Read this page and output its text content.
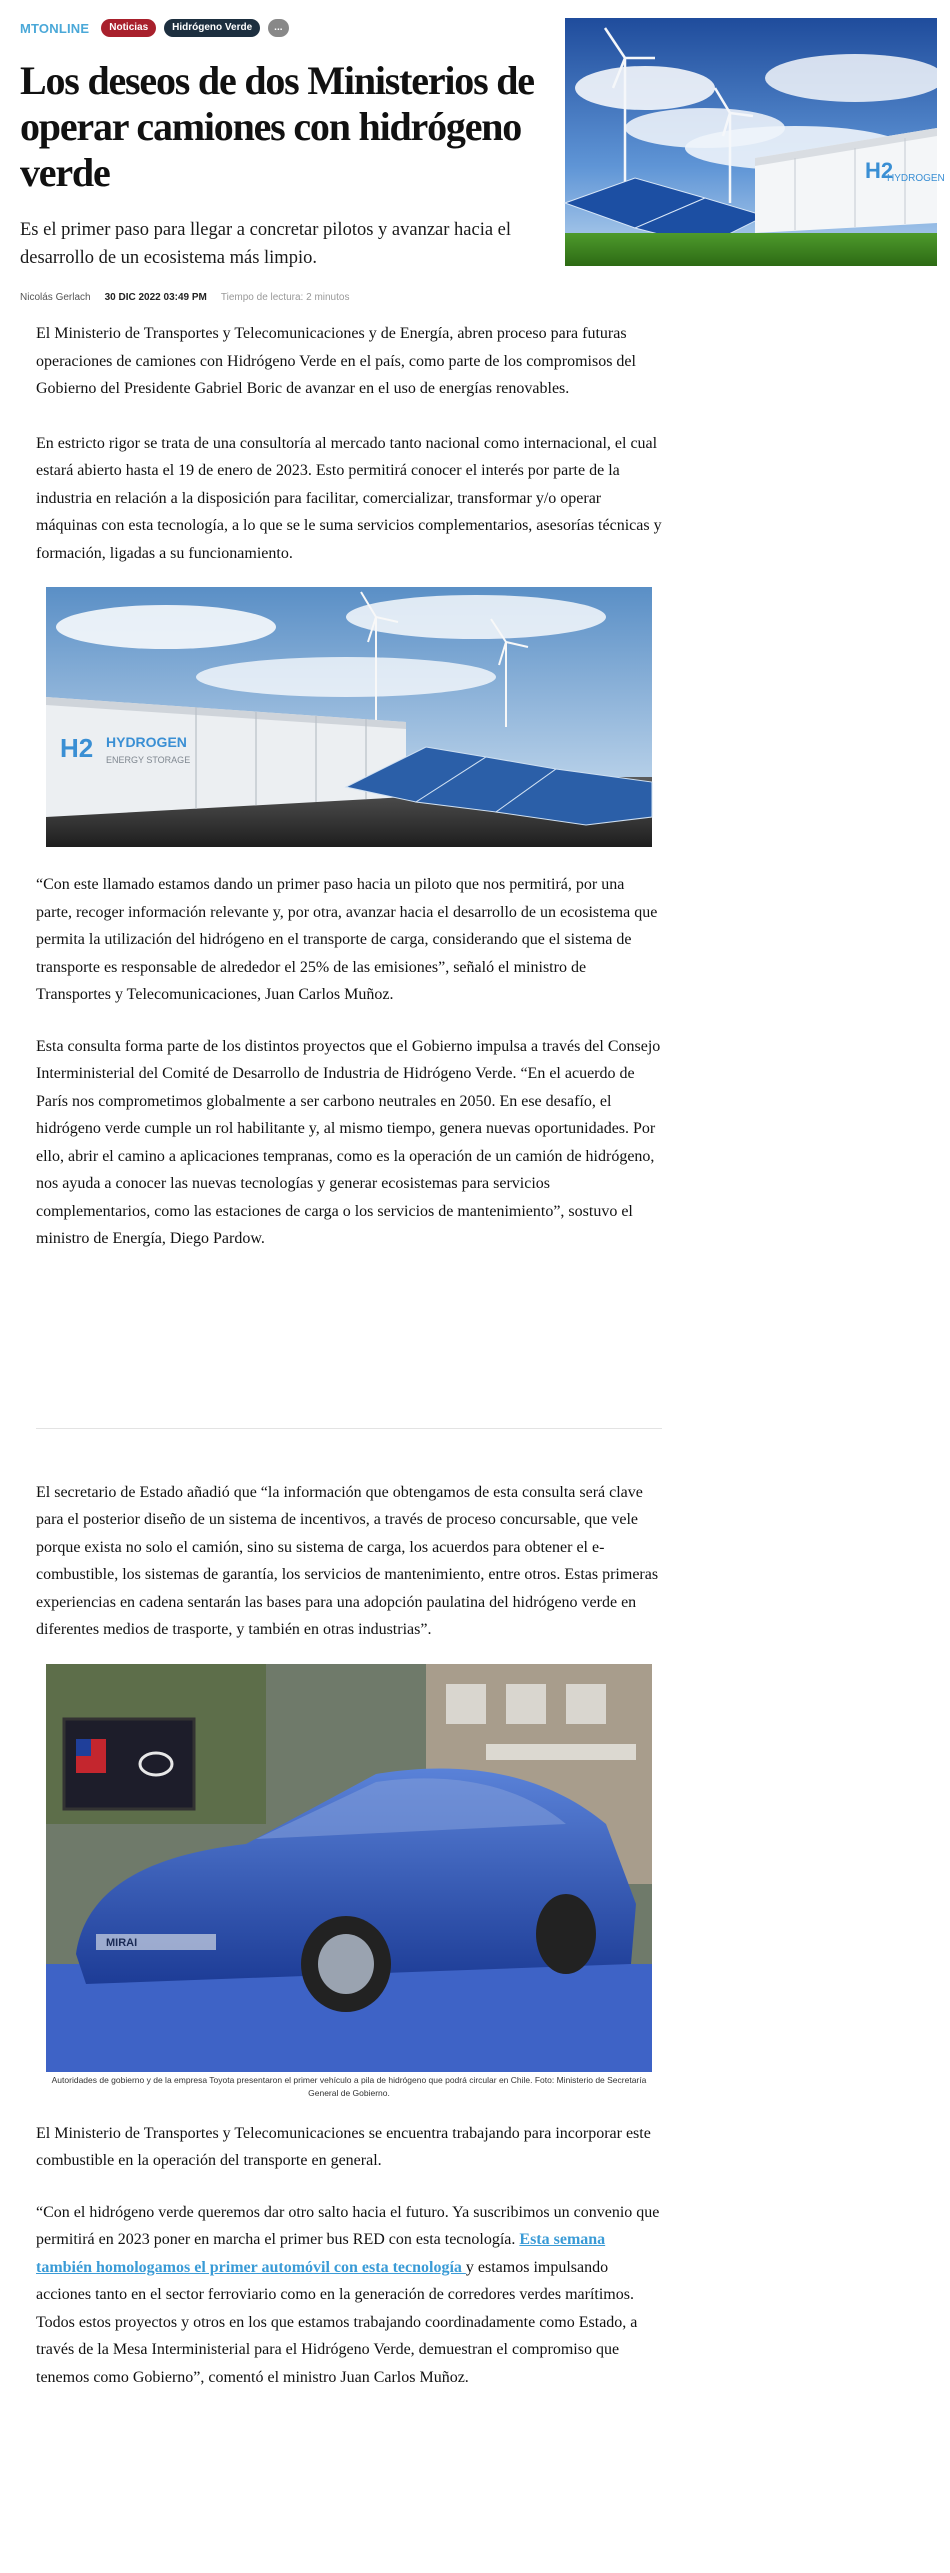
MTONLINE	Noticias	Hidrógeno Verde	...
Los deseos de dos Ministerios de operar camiones con hidrógeno verde

Es el primer paso para llegar a concretar pilotos y avanzar hacia el desarrollo de un ecosistema más limpio.

Nicolás Gerlach 30 DIC 2022 03:49 PM Tiempo de lectura: 2 minutos
H2
HYDROGEN

El Ministerio de Transportes y Telecomunicaciones y de Energía, abren proceso para futuras operaciones de camiones con Hidrógeno Verde en el país, como parte de los compromisos del Gobierno del Presidente Gabriel Boric de avanzar en el uso de energías renovables.

En estricto rigor se trata de una consultoría al mercado tanto nacional como internacional, el cual estará abierto hasta el 19 de enero de 2023. Esto permitirá conocer el interés por parte de la industria en relación a la disposición para facilitar, comercializar, transformar y/o operar máquinas con esta tecnología, a lo que se le suma servicios complementarios, asesorías técnicas y formación, ligadas a su funcionamiento.

H2 HYDROGEN
ENERGY STORAGE

“Con este llamado estamos dando un primer paso hacia un piloto que nos permitirá, por una parte, recoger información relevante y, por otra, avanzar hacia el desarrollo de un ecosistema que permita la utilización del hidrógeno en el transporte de carga, considerando que el sistema de transporte es responsable de alrededor el 25% de las emisiones”, señaló el ministro de Transportes y Telecomunicaciones, Juan Carlos Muñoz.

Esta consulta forma parte de los distintos proyectos que el Gobierno impulsa a través del Consejo Interministerial del Comité de Desarrollo de Industria de Hidrógeno Verde. “En el acuerdo de París nos comprometimos globalmente a ser carbono neutrales en 2050. En ese desafío, el hidrógeno verde cumple un rol habilitante y, al mismo tiempo, genera nuevas oportunidades. Por ello, abrir el camino a aplicaciones tempranas, como es la operación de un camión de hidrógeno, nos ayuda a conocer las nuevas tecnologías y generar ecosistemas para servicios complementarios, como las estaciones de carga o los servicios de mantenimiento”, sostuvo el ministro de Energía, Diego Pardow.

El secretario de Estado añadió que “la información que obtengamos de esta consulta será clave para el posterior diseño de un sistema de incentivos, a través de proceso concursable, que vele porque exista no solo el camión, sino su sistema de carga, los acuerdos para obtener el e-combustible, los sistemas de garantía, los servicios de mantenimiento, entre otros. Estas primeras experiencias en cadena sentarán las bases para una adopción paulatina del hidrógeno verde en diferentes medios de trasporte, y también en otras industrias”.

MIRAI

Autoridades de gobierno y de la empresa Toyota presentaron el primer vehículo a pila de hidrógeno que podrá circular en Chile. Foto: Ministerio de Secretaría General de Gobierno.

El Ministerio de Transportes y Telecomunicaciones se encuentra trabajando para incorporar este combustible en la operación del transporte en general.

“Con el hidrógeno verde queremos dar otro salto hacia el futuro. Ya suscribimos un convenio que permitirá en 2023 poner en marcha el primer bus RED con esta tecnología. Esta semana también homologamos el primer automóvil con esta tecnología y estamos impulsando acciones tanto en el sector ferroviario como en la generación de corredores verdes marítimos. Todos estos proyectos y otros en los que estamos trabajando coordinadamente como Estado, a través de la Mesa Interministerial para el Hidrógeno Verde, demuestran el compromiso que tenemos como Gobierno”, comentó el ministro Juan Carlos Muñoz.
